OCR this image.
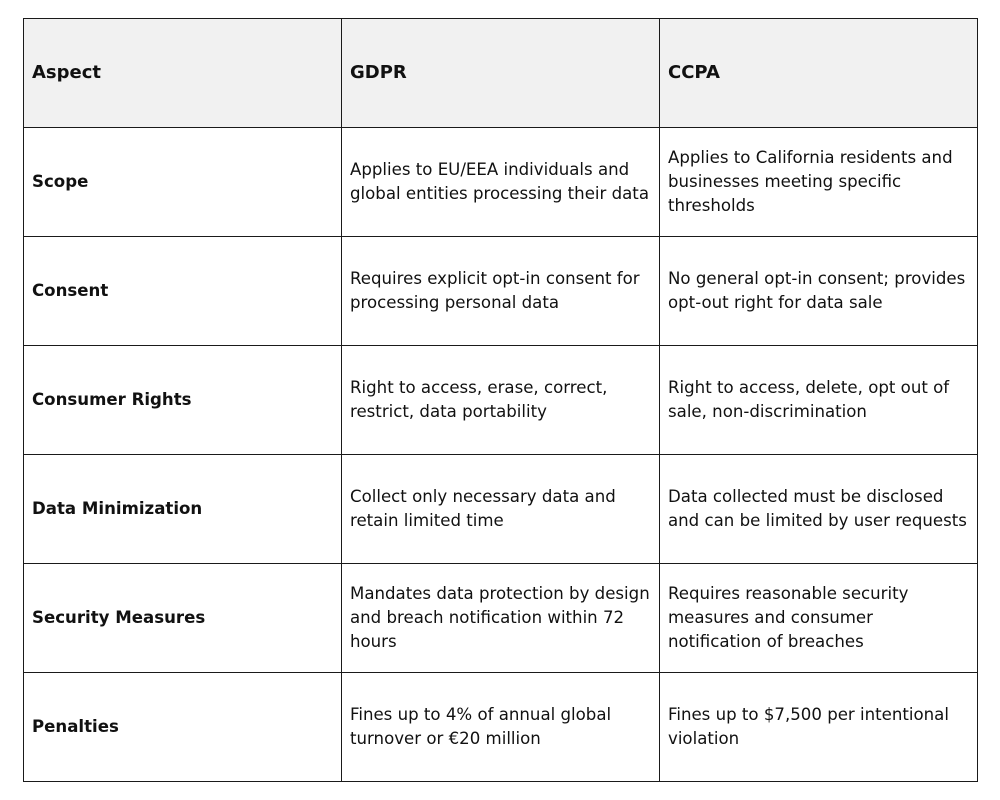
Aspect	GDPR	CCPA
Scope	Applies to EU/EEA individuals and global entities processing their data	Applies to California residents and businesses meeting specific thresholds
Consent	Requires explicit opt-in consent for processing personal data	No general opt-in consent; provides opt-out right for data sale
Consumer Rights	Right to access, erase, correct, restrict, data portability	Right to access, delete, opt out of sale, non-discrimination
Data Minimization	Collect only necessary data and retain limited time	Data collected must be disclosed and can be limited by user requests
Security Measures	Mandates data protection by design and breach notification within 72 hours	Requires reasonable security measures and consumer notification of breaches
Penalties	Fines up to 4% of annual global turnover or €20 million	Fines up to $7,500 per intentional violation
